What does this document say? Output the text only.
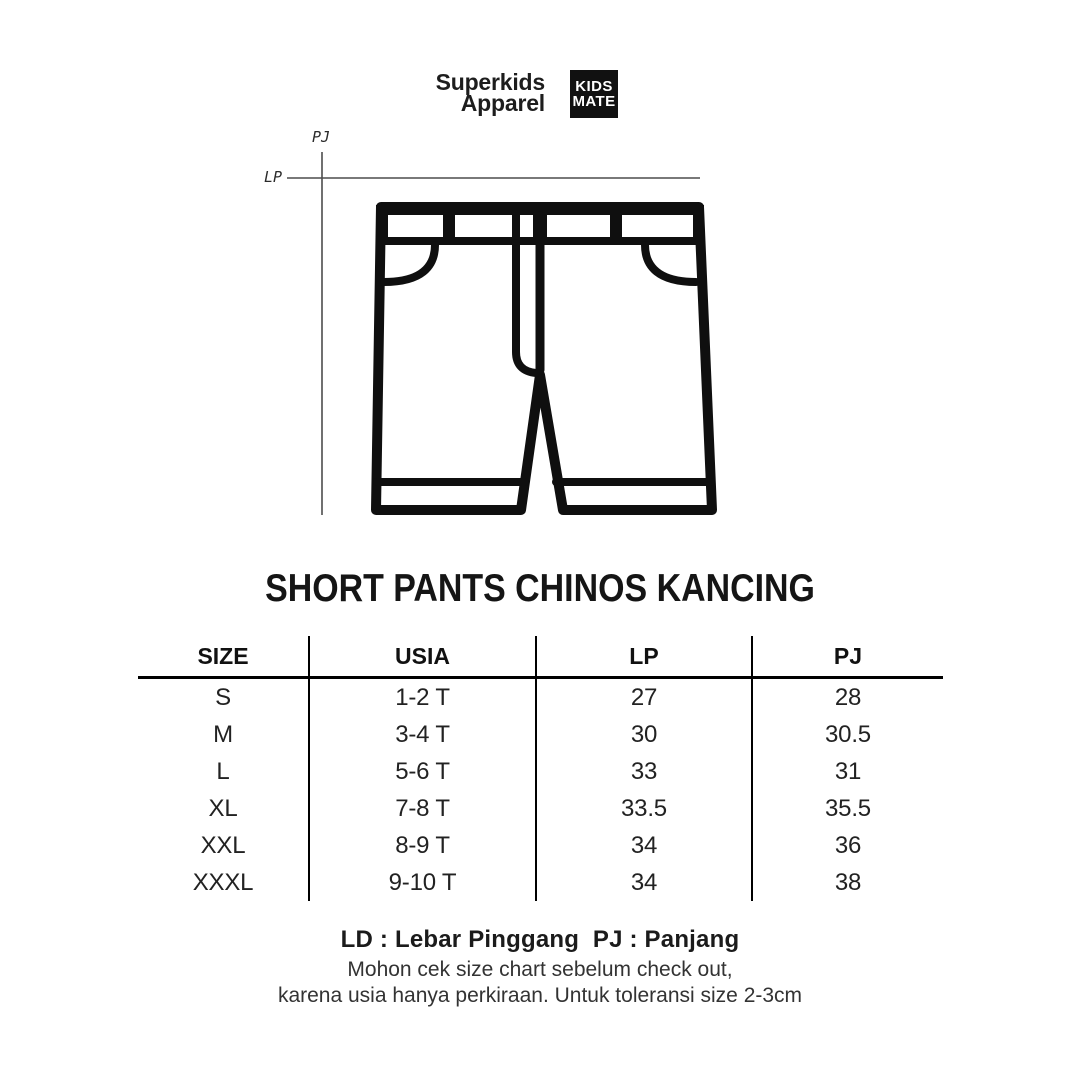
Superkids
Apparel
KIDS
MATE
PJ
LP
SHORT PANTS CHINOS KANCING
SIZE	USIA	LP	PJ
S	1-2 T	27	28
M	3-4 T	30	30.5
L	5-6 T	33	31
XL	7-8 T	33.5	35.5
XXL	8-9 T	34	36
XXXL	9-10 T	34	38
LD : Lebar Pinggang  PJ : Panjang
Mohon cek size chart sebelum check out,
karena usia hanya perkiraan. Untuk toleransi size 2-3cm
